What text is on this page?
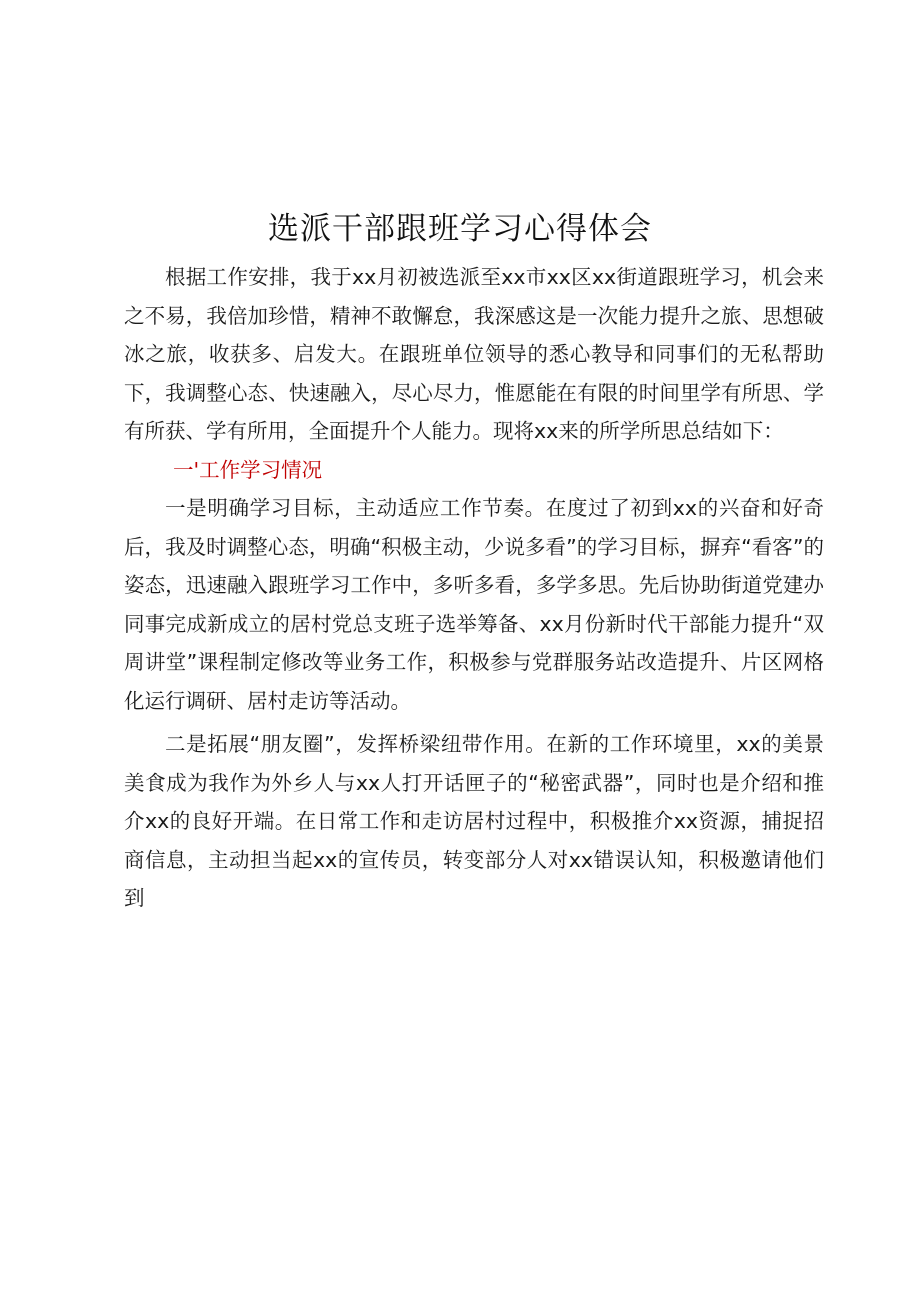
选派干部跟班学习心得体会

根据工作安排，我于xx月初被选派至xx市xx区xx街道跟班学习，机会来之不易，我倍加珍惜，精神不敢懈怠，我深感这是一次能力提升之旅、思想破冰之旅，收获多、启发大。在跟班单位领导的悉心教导和同事们的无私帮助下，我调整心态、快速融入，尽心尽力，惟愿能在有限的时间里学有所思、学有所获、学有所用，全面提升个人能力。现将xx来的所学所思总结如下：

一'工作学习情况

一是明确学习目标，主动适应工作节奏。在度过了初到xx的兴奋和好奇后，我及时调整心态，明确“积极主动，少说多看”的学习目标，摒弃“看客”的姿态，迅速融入跟班学习工作中，多听多看，多学多思。先后协助街道党建办同事完成新成立的居村党总支班子选举筹备、xx月份新时代干部能力提升“双周讲堂”课程制定修改等业务工作，积极参与党群服务站改造提升、片区网格化运行调研、居村走访等活动。

二是拓展“朋友圈”，发挥桥梁纽带作用。在新的工作环境里，xx的美景美食成为我作为外乡人与xx人打开话匣子的“秘密武器”，同时也是介绍和推介xx的良好开端。在日常工作和走访居村过程中，积极推介xx资源，捕捉招商信息，主动担当起xx的宣传员，转变部分人对xx错误认知，积极邀请他们到
